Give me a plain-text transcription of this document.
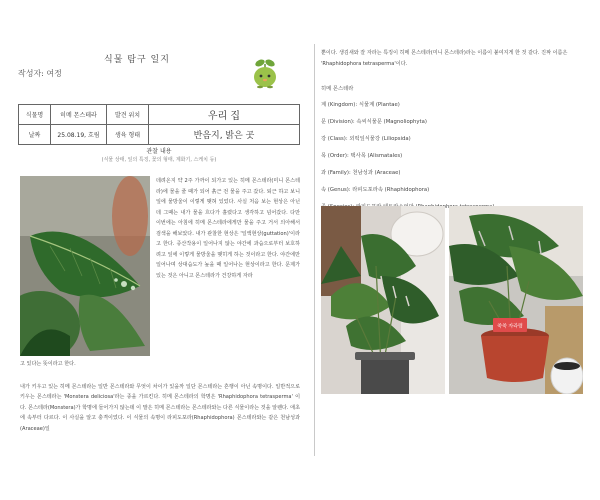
식물 탐구 일지
작성자: 여정
식물명	히메 몬스테라	발견 위치	우리 집
날짜	25.08.19, 흐림	생육 형태	반음지, 밝은 곳
관찰 내용
(식물 상태, 잎의 특징, 꽃의 형태, 계화기, 스케치 등)
데려온지 약 2주 가까이 되가고 있는 히메 몬스테라(미니 몬스테라)에 물을 줄 때가 되어 흙근 전 물을 주고 갔다. 퇴근 하고 보니 잎에 물방울이 이렇게 맺혀 있었다. 사실 처음 보는 현상은 아닌데 그때는 내가 물을 흐다가 흘렸다고 생각하고 넘어갔다. 다만 이번에는 아침에 히메 몬스테라에게만 물을 주고 거서 의아해서 검색을 해보았다. 내가 관찰한 현상은 '일액현상(guttation)'이라고 한다. 증산작용이 일어나지 않는 야간에 과습으로부터 보호하려고 잎에 이렇게 물방울을 맺히게 하는 것이라고 한다. 야간에만 일어나며 상대습도가 높을 때 일어나는 현상이라고 한다. 문제가 있는 것은 아니고 몬스테라가 건강하게 자라
고 있다는 뜻이라고 한다.
내가 키우고 있는 히메 몬스테라는 일반 몬스테라와 무엇이 차이가 있을까 일단 몬스테라는 흔행이 아닌 속명이다. 일반적으로 키우는 몬스테라는 'Monstera deliciosa'라는 종을 가르킨다. 히메 몬스테라의 학명은 'Rhaphidophora tetrasperma' 이다. 몬스테라(Monstera)가 학명에 들어가지 않는데 이 말은 히메 몬스테라는 몬스테라와는 다른 식물이라는 것을 알렌다. 애초에 속부터 다르다. 이 사실을 알고 충격이었다. 이 식물의 속명이 라피도포라(Rhaphidophora) 몬스테라와는 같은 천남성과(Araceae)일
뿐이다. 생김새와 잘 자라는 특징이 히메 몬스테라(미니 몬스테라)라는 이름이 붙여지게 한 것 같다. 진짜 이름은 'Rhaphidophora tetrasperma'이다.
히메 몬스테라
계 (Kingdom): 식물계 (Plantae)
문 (Division): 속씨식물문 (Magnoliophyta)
강 (Class): 외떡잎식물강 (Liliopsida)
목 (Order): 택사목 (Alismatales)
과 (Family): 천남성과 (Araceae)
속 (Genus): 라피도포라속 (Rhaphidophora)
쑥쑥 자라렴
